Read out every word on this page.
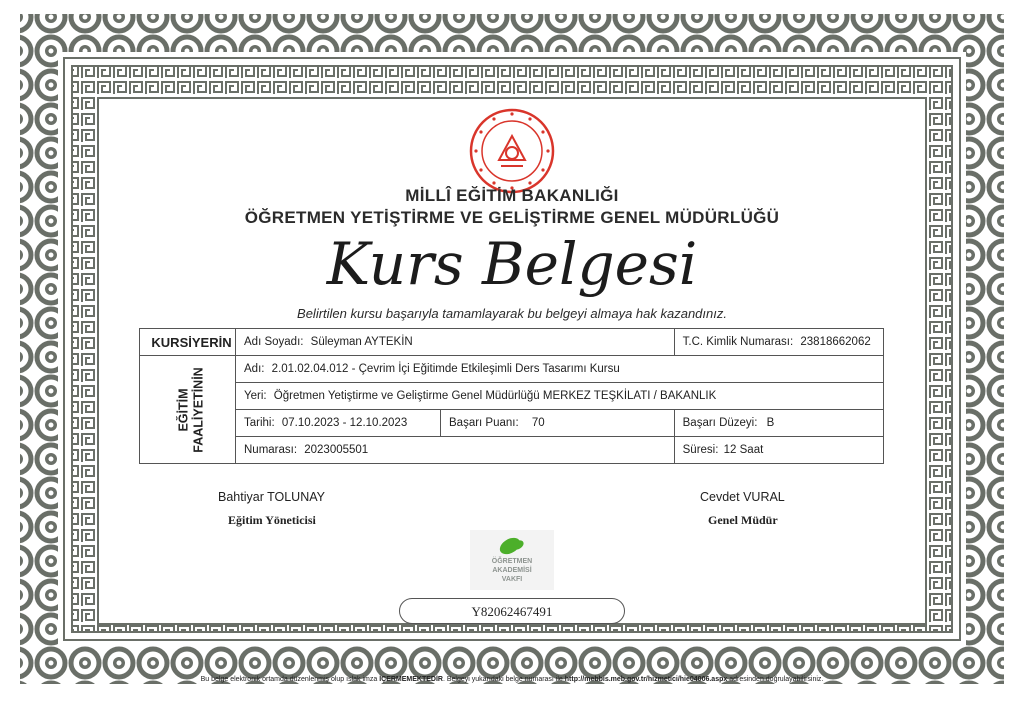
MİLLÎ EĞİTİM BAKANLIĞI
ÖĞRETMEN YETİŞTİRME VE GELİŞTİRME GENEL MÜDÜRLÜĞÜ
Kurs Belgesi
Belirtilen kursu başarıyla tamamlayarak bu belgeyi almaya hak kazandınız.
KURSİYERİN	Adı Soyadı: Süleyman AYTEKİN		T.C. Kimlik Numarası: 23818662062

EĞİTİM FAALİYETİNİN	Adı: 2.01.02.04.012 - Çevrim İçi Eğitimde Etkileşimli Ders Tasarımı Kursu		
	Yeri: Öğretmen Yetiştirme ve Geliştirme Genel Müdürlüğü MERKEZ TEŞKİLATI / BAKANLIK		
	Tarihi: 07.10.2023 - 12.10.2023	Başarı Puanı: 70	Başarı Düzeyi: B
	Numarası: 2023005501		Süresi: 12 Saat
Bahtiyar TOLUNAY
Eğitim Yöneticisi
Cevdet VURAL
Genel Müdür
ÖĞRETMEN
AKADEMİSİ
VAKFI
Y82062467491
Bu belge elektronik ortamda düzenlenmiş olup ıslak imza İÇERMEMEKTEDİR. Belgeyi yukarıdaki belge numarası ile http://mebbis.meb.gov.tr/hizmetici/hie04006.aspx adresinden doğrulayabilirsiniz.
